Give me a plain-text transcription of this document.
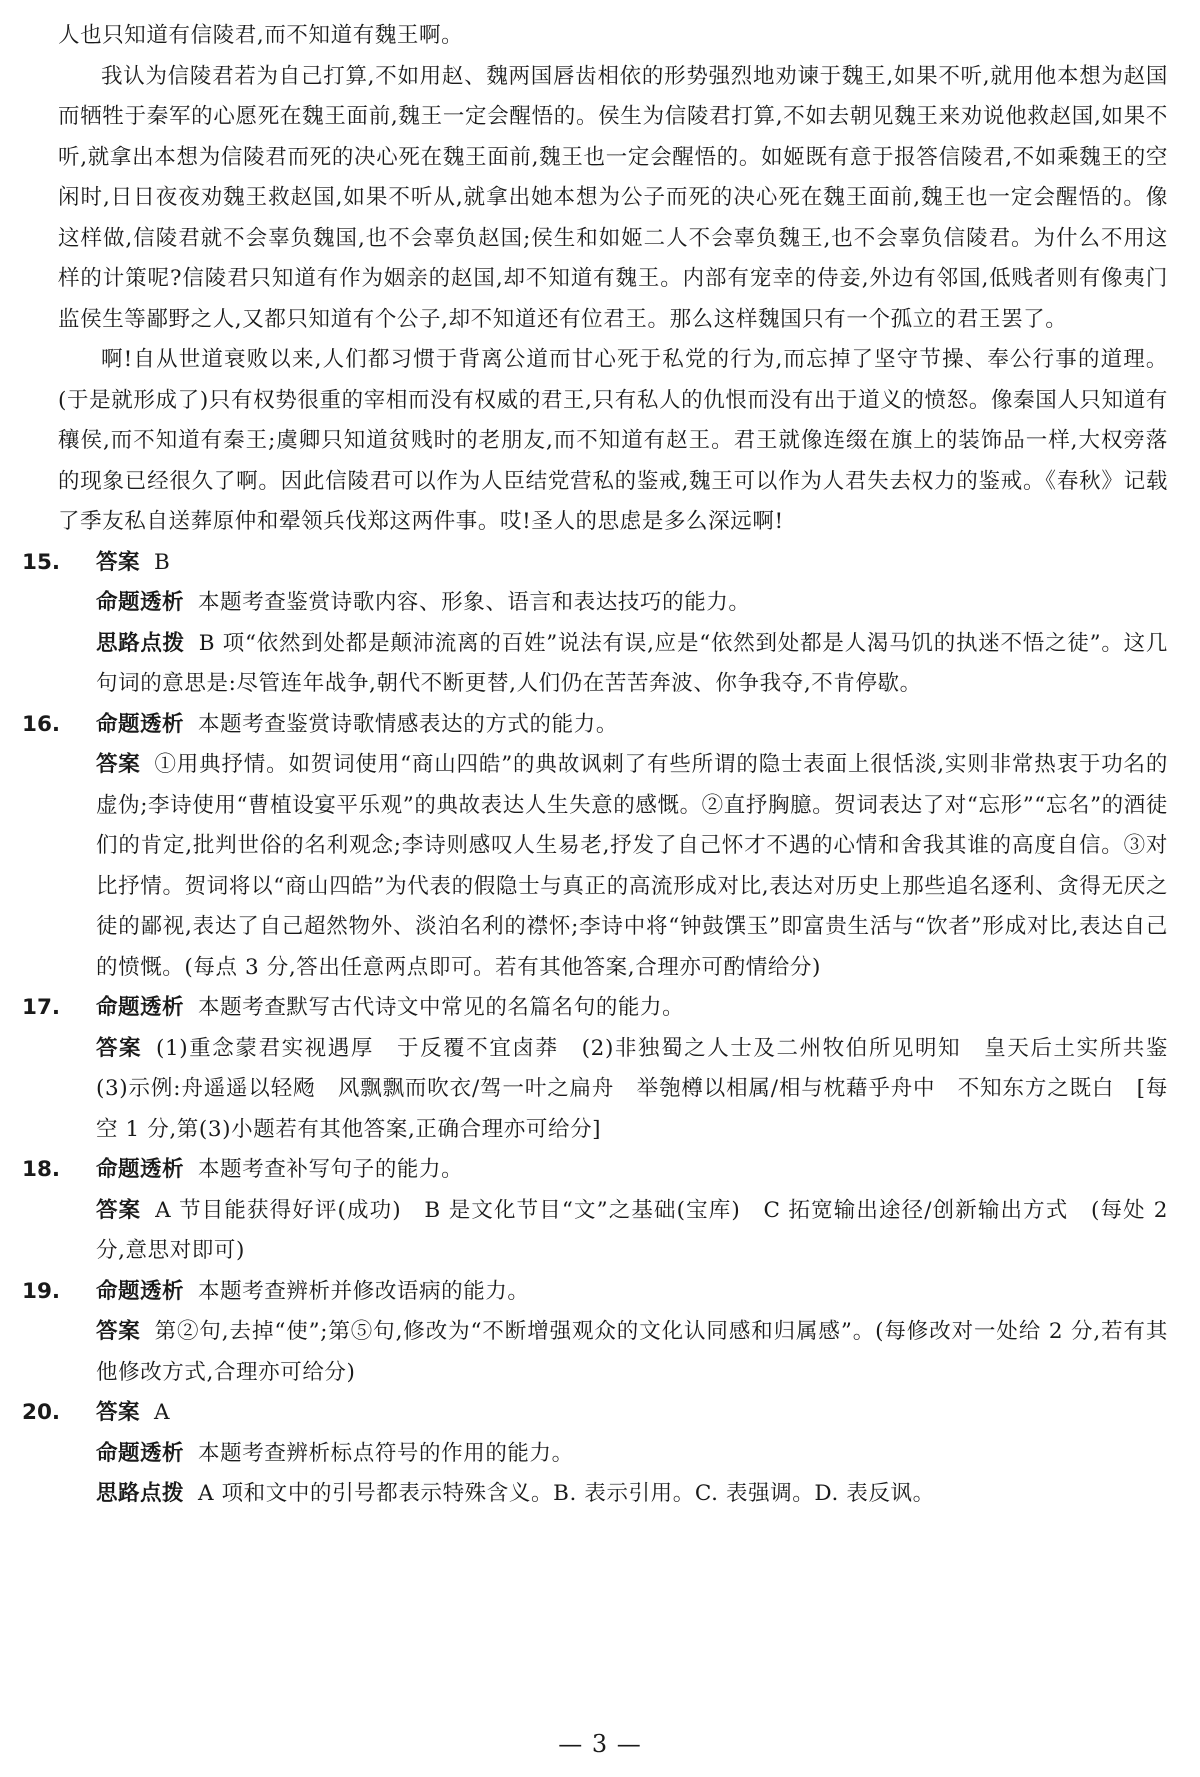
人也只知道有信陵君,而不知道有魏王啊。

我认为信陵君若为自己打算,不如用赵、魏两国唇齿相依的形势强烈地劝谏于魏王,如果不听,就用他本想为赵国而牺牲于秦军的心愿死在魏王面前,魏王一定会醒悟的。侯生为信陵君打算,不如去朝见魏王来劝说他救赵国,如果不听,就拿出本想为信陵君而死的决心死在魏王面前,魏王也一定会醒悟的。如姬既有意于报答信陵君,不如乘魏王的空闲时,日日夜夜劝魏王救赵国,如果不听从,就拿出她本想为公子而死的决心死在魏王面前,魏王也一定会醒悟的。像这样做,信陵君就不会辜负魏国,也不会辜负赵国;侯生和如姬二人不会辜负魏王,也不会辜负信陵君。为什么不用这样的计策呢?信陵君只知道有作为姻亲的赵国,却不知道有魏王。内部有宠幸的侍妾,外边有邻国,低贱者则有像夷门监侯生等鄙野之人,又都只知道有个公子,却不知道还有位君王。那么这样魏国只有一个孤立的君王罢了。

啊!自从世道衰败以来,人们都习惯于背离公道而甘心死于私党的行为,而忘掉了坚守节操、奉公行事的道理。(于是就形成了)只有权势很重的宰相而没有权威的君王,只有私人的仇恨而没有出于道义的愤怒。像秦国人只知道有穰侯,而不知道有秦王;虞卿只知道贫贱时的老朋友,而不知道有赵王。君王就像连缀在旗上的装饰品一样,大权旁落的现象已经很久了啊。因此信陵君可以作为人臣结党营私的鉴戒,魏王可以作为人君失去权力的鉴戒。《春秋》记载了季友私自送葬原仲和翚领兵伐郑这两件事。哎!圣人的思虑是多么深远啊!

15. 答案 B

命题透析 本题考查鉴赏诗歌内容、形象、语言和表达技巧的能力。

思路点拨 B 项“依然到处都是颠沛流离的百姓”说法有误,应是“依然到处都是人渴马饥的执迷不悟之徒”。这几句词的意思是:尽管连年战争,朝代不断更替,人们仍在苦苦奔波、你争我夺,不肯停歇。

16. 命题透析 本题考查鉴赏诗歌情感表达的方式的能力。

答案 ①用典抒情。如贺词使用“商山四皓”的典故讽刺了有些所谓的隐士表面上很恬淡,实则非常热衷于功名的虚伪;李诗使用“曹植设宴平乐观”的典故表达人生失意的感慨。②直抒胸臆。贺词表达了对“忘形”“忘名”的酒徒们的肯定,批判世俗的名利观念;李诗则感叹人生易老,抒发了自己怀才不遇的心情和舍我其谁的高度自信。③对比抒情。贺词将以“商山四皓”为代表的假隐士与真正的高流形成对比,表达对历史上那些追名逐利、贪得无厌之徒的鄙视,表达了自己超然物外、淡泊名利的襟怀;李诗中将“钟鼓馔玉”即富贵生活与“饮者”形成对比,表达自己的愤慨。(每点 3 分,答出任意两点即可。若有其他答案,合理亦可酌情给分)

17. 命题透析 本题考查默写古代诗文中常见的名篇名句的能力。

答案 (1)重念蒙君实视遇厚　于反覆不宜卤莽　(2)非独蜀之人士及二州牧伯所见明知　皇天后土实所共鉴　(3)示例:舟遥遥以轻飏　风飘飘而吹衣/驾一叶之扁舟　举匏樽以相属/相与枕藉乎舟中　不知东方之既白　[每空 1 分,第(3)小题若有其他答案,正确合理亦可给分]

18. 命题透析 本题考查补写句子的能力。

答案 A 节目能获得好评(成功)　B 是文化节目“文”之基础(宝库)　C 拓宽输出途径/创新输出方式　(每处 2 分,意思对即可)

19. 命题透析 本题考查辨析并修改语病的能力。

答案 第②句,去掉“使”;第⑤句,修改为“不断增强观众的文化认同感和归属感”。(每修改对一处给 2 分,若有其他修改方式,合理亦可给分)

20. 答案 A

命题透析 本题考查辨析标点符号的作用的能力。

思路点拨 A 项和文中的引号都表示特殊含义。B. 表示引用。C. 表强调。D. 表反讽。

— 3 —
